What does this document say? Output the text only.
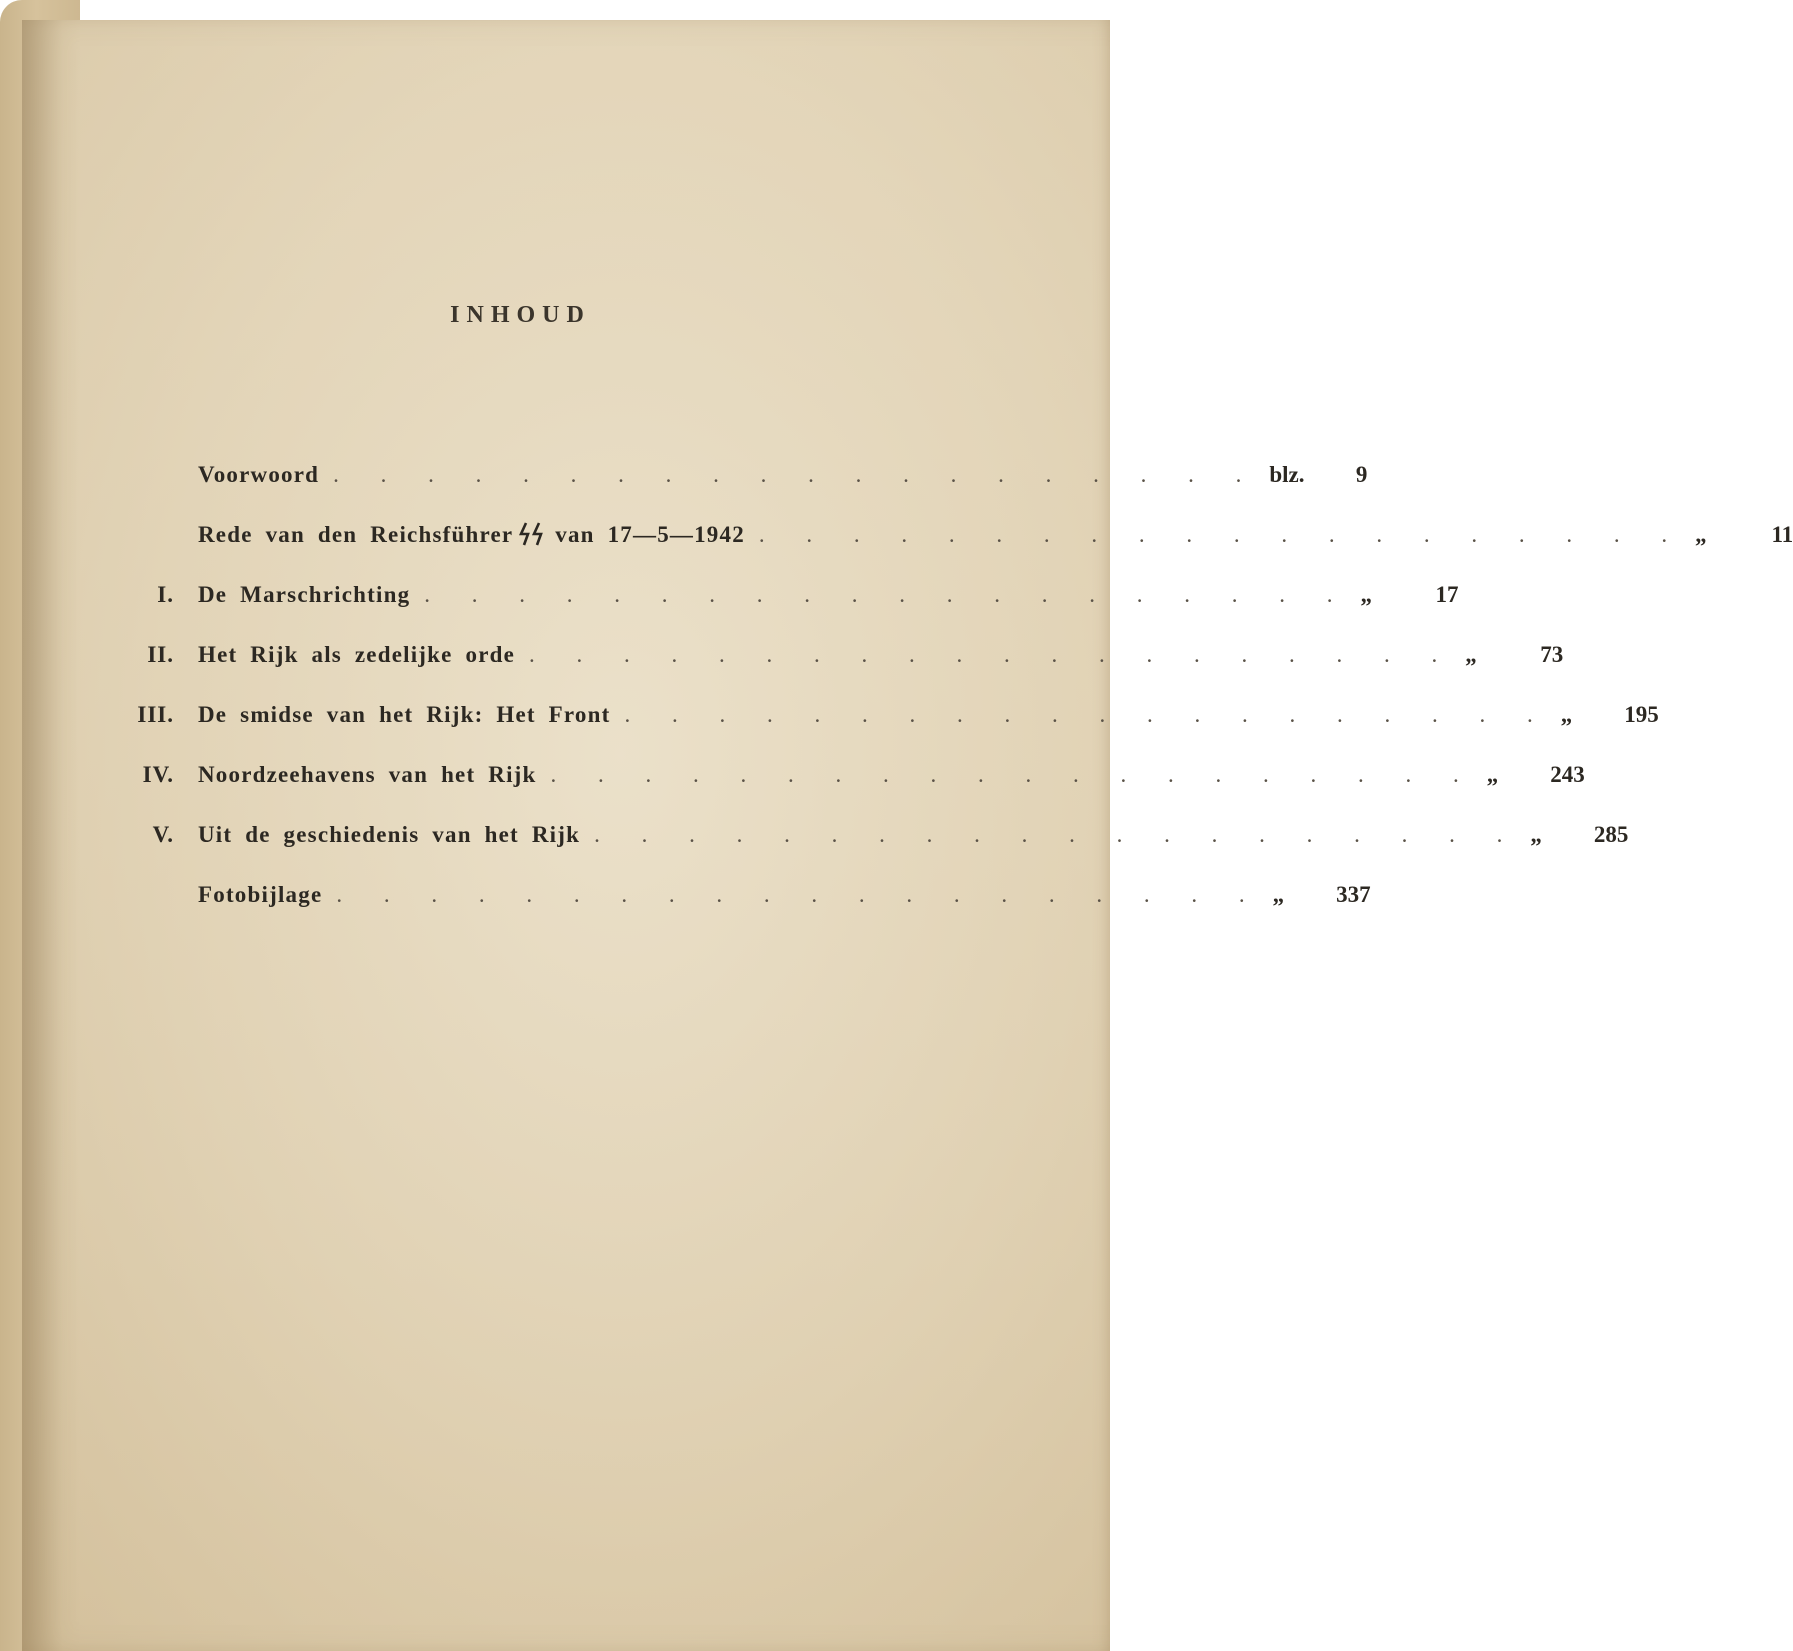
INHOUD
Voorwoord . . . . . . . . . . . . . . . . . . . . blz.	9
Rede van den Reichsführer van 17—5—1942 . . . . . . . . . . . . . . . . . . . . „	11
I.	De Marschrichting . . . . . . . . . . . . . . . . . . . . „	17
II.	Het Rijk als zedelijke orde . . . . . . . . . . . . . . . . . . . . „	73
III.	De smidse van het Rijk: Het Front . . . . . . . . . . . . . . . . . . . . „	195
IV.	Noordzeehavens van het Rijk . . . . . . . . . . . . . . . . . . . . „	243
V.	Uit de geschiedenis van het Rijk . . . . . . . . . . . . . . . . . . . . „	285
Fotobijlage . . . . . . . . . . . . . . . . . . . . „	337
